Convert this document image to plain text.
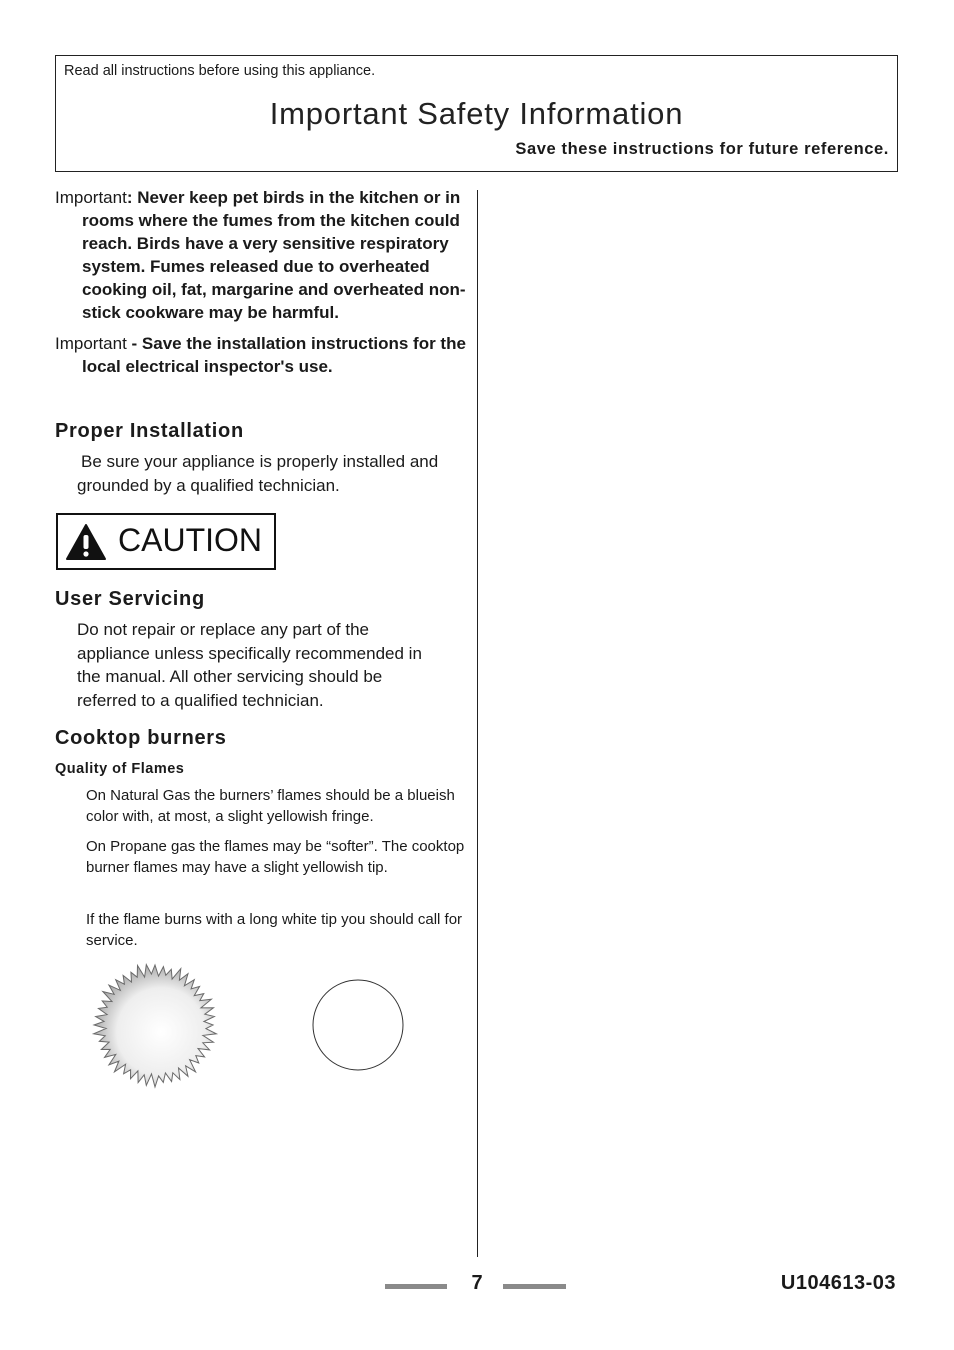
Read all instructions before using this appliance.
Important Safety Information
Save these instructions for future reference.

Important: Never keep pet birds in the kitchen or in rooms where the fumes from the kitchen could reach. Birds have a very sensitive respiratory system. Fumes released due to overheated cooking oil, fat, margarine and overheated non-stick cookware may be harmful.

Important - Save the installation instructions for the local electrical inspector's use.

Proper Installation
Be sure your appliance is properly installed and grounded by a qualified technician.
CAUTION
User Servicing
Do not repair or replace any part of the appliance unless specifically recommended in the manual. All other servicing should be referred to a qualified technician.
Cooktop burners
Quality of Flames
On Natural Gas the burners’ flames should be a blueish color with, at most, a slight yellowish fringe.
On Propane gas the flames may be “softer”. The cooktop burner flames may have a slight yellowish tip.
If the flame burns with a long white tip you should call for service.
7	U104613-03
